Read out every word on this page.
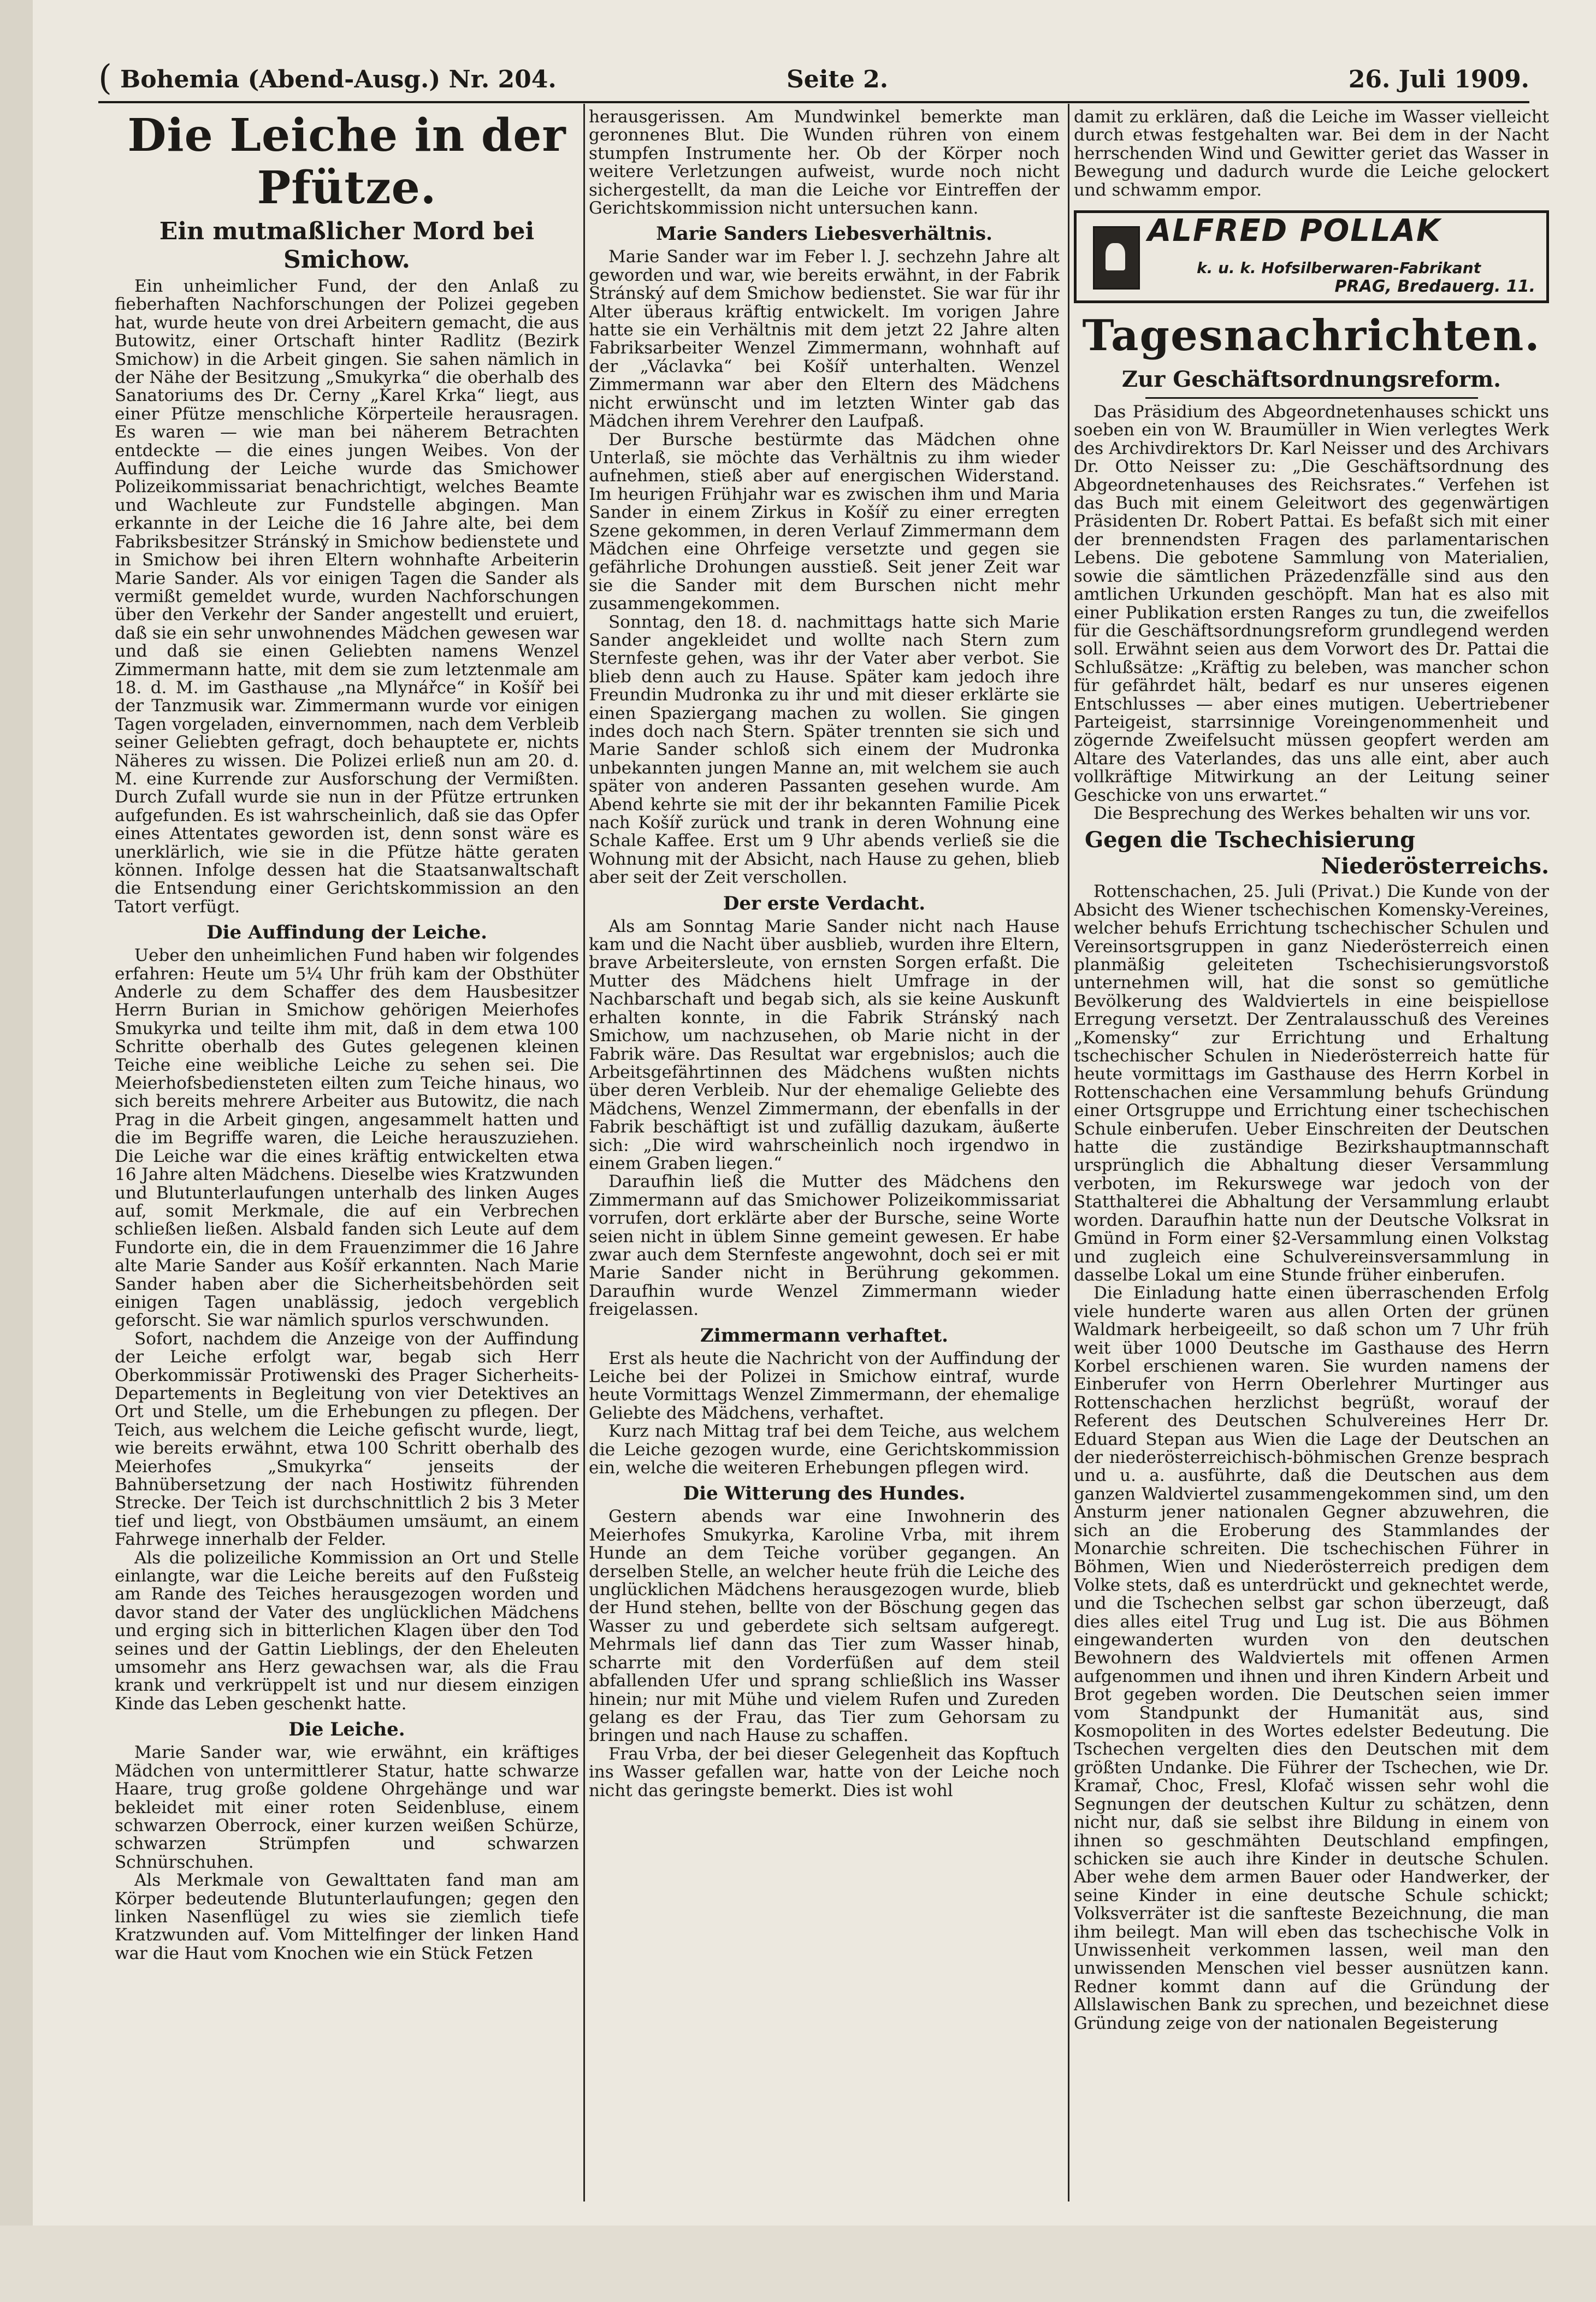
( Bohemia (Abend-Ausg.) Nr. 204.	Seite 2.	26. Juli 1909.
Die Leiche in der Pfütze.
Ein mutmaßlicher Mord bei Smichow.

Ein unheimlicher Fund, der den Anlaß zu fieberhaften Nachforschungen der Polizei gegeben hat, wurde heute von drei Arbeitern gemacht, die aus Butowitz, einer Ortschaft hinter Radlitz (Bezirk Smichow) in die Arbeit gingen. Sie sahen nämlich in der Nähe der Besitzung „Smukyrka“ die oberhalb des Sanatoriums des Dr. Cerny „Karel Krka“ liegt, aus einer Pfütze menschliche Körperteile herausragen. Es waren — wie man bei näherem Betrachten entdeckte — die eines jungen Weibes. Von der Auffindung der Leiche wurde das Smichower Polizeikommissariat benachrichtigt, welches Beamte und Wachleute zur Fundstelle abgingen. Man erkannte in der Leiche die 16 Jahre alte, bei dem Fabriksbesitzer Stránský in Smichow bedienstete und in Smichow bei ihren Eltern wohnhafte Arbeiterin Marie Sander. Als vor einigen Tagen die Sander als vermißt gemeldet wurde, wurden Nachforschungen über den Verkehr der Sander angestellt und eruiert, daß sie ein sehr unwohnendes Mädchen gewesen war und daß sie einen Geliebten namens Wenzel Zimmermann hatte, mit dem sie zum letztenmale am 18. d. M. im Gasthause „na Mlynářce“ in Košíř bei der Tanzmusik war. Zimmermann wurde vor einigen Tagen vorgeladen, einvernommen, nach dem Verbleib seiner Geliebten gefragt, doch behauptete er, nichts Näheres zu wissen. Die Polizei erließ nun am 20. d. M. eine Kurrende zur Ausforschung der Vermißten. Durch Zufall wurde sie nun in der Pfütze ertrunken aufgefunden. Es ist wahrscheinlich, daß sie das Opfer eines Attentates geworden ist, denn sonst wäre es unerklärlich, wie sie in die Pfütze hätte geraten können. Infolge dessen hat die Staatsanwaltschaft die Entsendung einer Gerichtskommission an den Tatort verfügt.

Die Auffindung der Leiche.

Ueber den unheimlichen Fund haben wir folgendes erfahren: Heute um 5¼ Uhr früh kam der Obsthüter Anderle zu dem Schaffer des dem Hausbesitzer Herrn Burian in Smichow gehörigen Meierhofes Smukyrka und teilte ihm mit, daß in dem etwa 100 Schritte oberhalb des Gutes gelegenen kleinen Teiche eine weibliche Leiche zu sehen sei. Die Meierhofsbediensteten eilten zum Teiche hinaus, wo sich bereits mehrere Arbeiter aus Butowitz, die nach Prag in die Arbeit gingen, angesammelt hatten und die im Begriffe waren, die Leiche herauszuziehen. Die Leiche war die eines kräftig entwickelten etwa 16 Jahre alten Mädchens. Dieselbe wies Kratzwunden und Blutunterlaufungen unterhalb des linken Auges auf, somit Merkmale, die auf ein Verbrechen schließen ließen. Alsbald fanden sich Leute auf dem Fundorte ein, die in dem Frauenzimmer die 16 Jahre alte Marie Sander aus Košíř erkannten. Nach Marie Sander haben aber die Sicherheitsbehörden seit einigen Tagen unablässig, jedoch vergeblich geforscht. Sie war nämlich spurlos verschwunden.

Sofort, nachdem die Anzeige von der Auffindung der Leiche erfolgt war, begab sich Herr Oberkommissär Protiwenski des Prager Sicherheits-Departements in Begleitung von vier Detektives an Ort und Stelle, um die Erhebungen zu pflegen. Der Teich, aus welchem die Leiche gefischt wurde, liegt, wie bereits erwähnt, etwa 100 Schritt oberhalb des Meierhofes „Smukyrka“ jenseits der Bahnübersetzung der nach Hostiwitz führenden Strecke. Der Teich ist durchschnittlich 2 bis 3 Meter tief und liegt, von Obstbäumen umsäumt, an einem Fahrwege innerhalb der Felder.

Als die polizeiliche Kommission an Ort und Stelle einlangte, war die Leiche bereits auf den Fußsteig am Rande des Teiches herausgezogen worden und davor stand der Vater des unglücklichen Mädchens und erging sich in bitterlichen Klagen über den Tod seines und der Gattin Lieblings, der den Eheleuten umsomehr ans Herz gewachsen war, als die Frau krank und verkrüppelt ist und nur diesem einzigen Kinde das Leben geschenkt hatte.

Die Leiche.

Marie Sander war, wie erwähnt, ein kräftiges Mädchen von untermittlerer Statur, hatte schwarze Haare, trug große goldene Ohrgehänge und war bekleidet mit einer roten Seidenbluse, einem schwarzen Oberrock, einer kurzen weißen Schürze, schwarzen Strümpfen und schwarzen Schnürschuhen.

Als Merkmale von Gewalttaten fand man am Körper bedeutende Blutunterlaufungen; gegen den linken Nasenflügel zu wies sie ziemlich tiefe Kratzwunden auf. Vom Mittelfinger der linken Hand war die Haut vom Knochen wie ein Stück Fetzen

herausgerissen. Am Mundwinkel bemerkte man geronnenes Blut. Die Wunden rühren von einem stumpfen Instrumente her. Ob der Körper noch weitere Verletzungen aufweist, wurde noch nicht sichergestellt, da man die Leiche vor Eintreffen der Gerichtskommission nicht untersuchen kann.

Marie Sanders Liebesverhältnis.

Marie Sander war im Feber l. J. sechzehn Jahre alt geworden und war, wie bereits erwähnt, in der Fabrik Stránský auf dem Smichow bedienstet. Sie war für ihr Alter überaus kräftig entwickelt. Im vorigen Jahre hatte sie ein Verhältnis mit dem jetzt 22 Jahre alten Fabriksarbeiter Wenzel Zimmermann, wohnhaft auf der „Václavka“ bei Košíř unterhalten. Wenzel Zimmermann war aber den Eltern des Mädchens nicht erwünscht und im letzten Winter gab das Mädchen ihrem Verehrer den Laufpaß.

Der Bursche bestürmte das Mädchen ohne Unterlaß, sie möchte das Verhältnis zu ihm wieder aufnehmen, stieß aber auf energischen Widerstand. Im heurigen Frühjahr war es zwischen ihm und Maria Sander in einem Zirkus in Košíř zu einer erregten Szene gekommen, in deren Verlauf Zimmermann dem Mädchen eine Ohrfeige versetzte und gegen sie gefährliche Drohungen ausstieß. Seit jener Zeit war sie die Sander mit dem Burschen nicht mehr zusammengekommen.

Sonntag, den 18. d. nachmittags hatte sich Marie Sander angekleidet und wollte nach Stern zum Sternfeste gehen, was ihr der Vater aber verbot. Sie blieb denn auch zu Hause. Später kam jedoch ihre Freundin Mudronka zu ihr und mit dieser erklärte sie einen Spaziergang machen zu wollen. Sie gingen indes doch nach Stern. Später trennten sie sich und Marie Sander schloß sich einem der Mudronka unbekannten jungen Manne an, mit welchem sie auch später von anderen Passanten gesehen wurde. Am Abend kehrte sie mit der ihr bekannten Familie Picek nach Košíř zurück und trank in deren Wohnung eine Schale Kaffee. Erst um 9 Uhr abends verließ sie die Wohnung mit der Absicht, nach Hause zu gehen, blieb aber seit der Zeit verschollen.

Der erste Verdacht.

Als am Sonntag Marie Sander nicht nach Hause kam und die Nacht über ausblieb, wurden ihre Eltern, brave Arbeitersleute, von ernsten Sorgen erfaßt. Die Mutter des Mädchens hielt Umfrage in der Nachbarschaft und begab sich, als sie keine Auskunft erhalten konnte, in die Fabrik Stránský nach Smichow, um nachzusehen, ob Marie nicht in der Fabrik wäre. Das Resultat war ergebnislos; auch die Arbeitsgefährtinnen des Mädchens wußten nichts über deren Verbleib. Nur der ehemalige Geliebte des Mädchens, Wenzel Zimmermann, der ebenfalls in der Fabrik beschäftigt ist und zufällig dazukam, äußerte sich: „Die wird wahrscheinlich noch irgendwo in einem Graben liegen.“

Daraufhin ließ die Mutter des Mädchens den Zimmermann auf das Smichower Polizeikommissariat vorrufen, dort erklärte aber der Bursche, seine Worte seien nicht in üblem Sinne gemeint gewesen. Er habe zwar auch dem Sternfeste angewohnt, doch sei er mit Marie Sander nicht in Berührung gekommen. Daraufhin wurde Wenzel Zimmermann wieder freigelassen.

Zimmermann verhaftet.

Erst als heute die Nachricht von der Auffindung der Leiche bei der Polizei in Smichow eintraf, wurde heute Vormittags Wenzel Zimmermann, der ehemalige Geliebte des Mädchens, verhaftet.

Kurz nach Mittag traf bei dem Teiche, aus welchem die Leiche gezogen wurde, eine Gerichtskommission ein, welche die weiteren Erhebungen pflegen wird.

Die Witterung des Hundes.

Gestern abends war eine Inwohnerin des Meierhofes Smukyrka, Karoline Vrba, mit ihrem Hunde an dem Teiche vorüber gegangen. An derselben Stelle, an welcher heute früh die Leiche des unglücklichen Mädchens herausgezogen wurde, blieb der Hund stehen, bellte von der Böschung gegen das Wasser zu und geberdete sich seltsam aufgeregt. Mehrmals lief dann das Tier zum Wasser hinab, scharrte mit den Vorderfüßen auf dem steil abfallenden Ufer und sprang schließlich ins Wasser hinein; nur mit Mühe und vielem Rufen und Zureden gelang es der Frau, das Tier zum Gehorsam zu bringen und nach Hause zu schaffen.

Frau Vrba, der bei dieser Gelegenheit das Kopftuch ins Wasser gefallen war, hatte von der Leiche noch nicht das geringste bemerkt. Dies ist wohl

damit zu erklären, daß die Leiche im Wasser vielleicht durch etwas festgehalten war. Bei dem in der Nacht herrschenden Wind und Gewitter geriet das Wasser in Bewegung und dadurch wurde die Leiche gelockert und schwamm empor.

ALFRED POLLAK
k. u. k. Hofsilberwaren-Fabrikant
PRAG, Bredauerg. 11.
Tagesnachrichten.
Zur Geschäftsordnungsreform.

Das Präsidium des Abgeordnetenhauses schickt uns soeben ein von W. Braumüller in Wien verlegtes Werk des Archivdirektors Dr. Karl Neisser und des Archivars Dr. Otto Neisser zu: „Die Geschäftsordnung des Abgeordnetenhauses des Reichsrates.“ Verfehen ist das Buch mit einem Geleitwort des gegenwärtigen Präsidenten Dr. Robert Pattai. Es befaßt sich mit einer der brennendsten Fragen des parlamentarischen Lebens. Die gebotene Sammlung von Materialien, sowie die sämtlichen Präzedenzfälle sind aus den amtlichen Urkunden geschöpft. Man hat es also mit einer Publikation ersten Ranges zu tun, die zweifellos für die Geschäftsordnungsreform grundlegend werden soll. Erwähnt seien aus dem Vorwort des Dr. Pattai die Schlußsätze: „Kräftig zu beleben, was mancher schon für gefährdet hält, bedarf es nur unseres eigenen Entschlusses — aber eines mutigen. Uebertriebener Parteigeist, starrsinnige Voreingenommenheit und zögernde Zweifelsucht müssen geopfert werden am Altare des Vaterlandes, das uns alle eint, aber auch vollkräftige Mitwirkung an der Leitung seiner Geschicke von uns erwartet.“

Die Besprechung des Werkes behalten wir uns vor.

Gegen die Tschechisierung
Niederösterreichs.

Rottenschachen, 25. Juli (Privat.) Die Kunde von der Absicht des Wiener tschechischen Komensky-Vereines, welcher behufs Errichtung tschechischer Schulen und Vereinsortsgruppen in ganz Niederösterreich einen planmäßig geleiteten Tschechisierungsvorstoß unternehmen will, hat die sonst so gemütliche Bevölkerung des Waldviertels in eine beispiellose Erregung versetzt. Der Zentralausschuß des Vereines „Komensky“ zur Errichtung und Erhaltung tschechischer Schulen in Niederösterreich hatte für heute vormittags im Gasthause des Herrn Korbel in Rottenschachen eine Versammlung behufs Gründung einer Ortsgruppe und Errichtung einer tschechischen Schule einberufen. Ueber Einschreiten der Deutschen hatte die zuständige Bezirkshauptmannschaft ursprünglich die Abhaltung dieser Versammlung verboten, im Rekurswege war jedoch von der Statthalterei die Abhaltung der Versammlung erlaubt worden. Daraufhin hatte nun der Deutsche Volksrat in Gmünd in Form einer §2-Versammlung einen Volkstag und zugleich eine Schulvereinsversammlung in dasselbe Lokal um eine Stunde früher einberufen.

Die Einladung hatte einen überraschenden Erfolg viele hunderte waren aus allen Orten der grünen Waldmark herbeigeeilt, so daß schon um 7 Uhr früh weit über 1000 Deutsche im Gasthause des Herrn Korbel erschienen waren. Sie wurden namens der Einberufer von Herrn Oberlehrer Murtinger aus Rottenschachen herzlichst begrüßt, worauf der Referent des Deutschen Schulvereines Herr Dr. Eduard Stepan aus Wien die Lage der Deutschen an der niederösterreichisch-böhmischen Grenze besprach und u. a. ausführte, daß die Deutschen aus dem ganzen Waldviertel zusammengekommen sind, um den Ansturm jener nationalen Gegner abzuwehren, die sich an die Eroberung des Stammlandes der Monarchie schreiten. Die tschechischen Führer in Böhmen, Wien und Niederösterreich predigen dem Volke stets, daß es unterdrückt und geknechtet werde, und die Tschechen selbst gar schon überzeugt, daß dies alles eitel Trug und Lug ist. Die aus Böhmen eingewanderten wurden von den deutschen Bewohnern des Waldviertels mit offenen Armen aufgenommen und ihnen und ihren Kindern Arbeit und Brot gegeben worden. Die Deutschen seien immer vom Standpunkt der Humanität aus, sind Kosmopoliten in des Wortes edelster Bedeutung. Die Tschechen vergelten dies den Deutschen mit dem größten Undanke. Die Führer der Tschechen, wie Dr. Kramař, Choc, Fresl, Klofač wissen sehr wohl die Segnungen der deutschen Kultur zu schätzen, denn nicht nur, daß sie selbst ihre Bildung in einem von ihnen so geschmähten Deutschland empfingen, schicken sie auch ihre Kinder in deutsche Schulen. Aber wehe dem armen Bauer oder Handwerker, der seine Kinder in eine deutsche Schule schickt; Volksverräter ist die sanfteste Bezeichnung, die man ihm beilegt. Man will eben das tschechische Volk in Unwissenheit verkommen lassen, weil man den unwissenden Menschen viel besser ausnützen kann. Redner kommt dann auf die Gründung der Allslawischen Bank zu sprechen, und bezeichnet diese Gründung zeige von der nationalen Begeisterung
